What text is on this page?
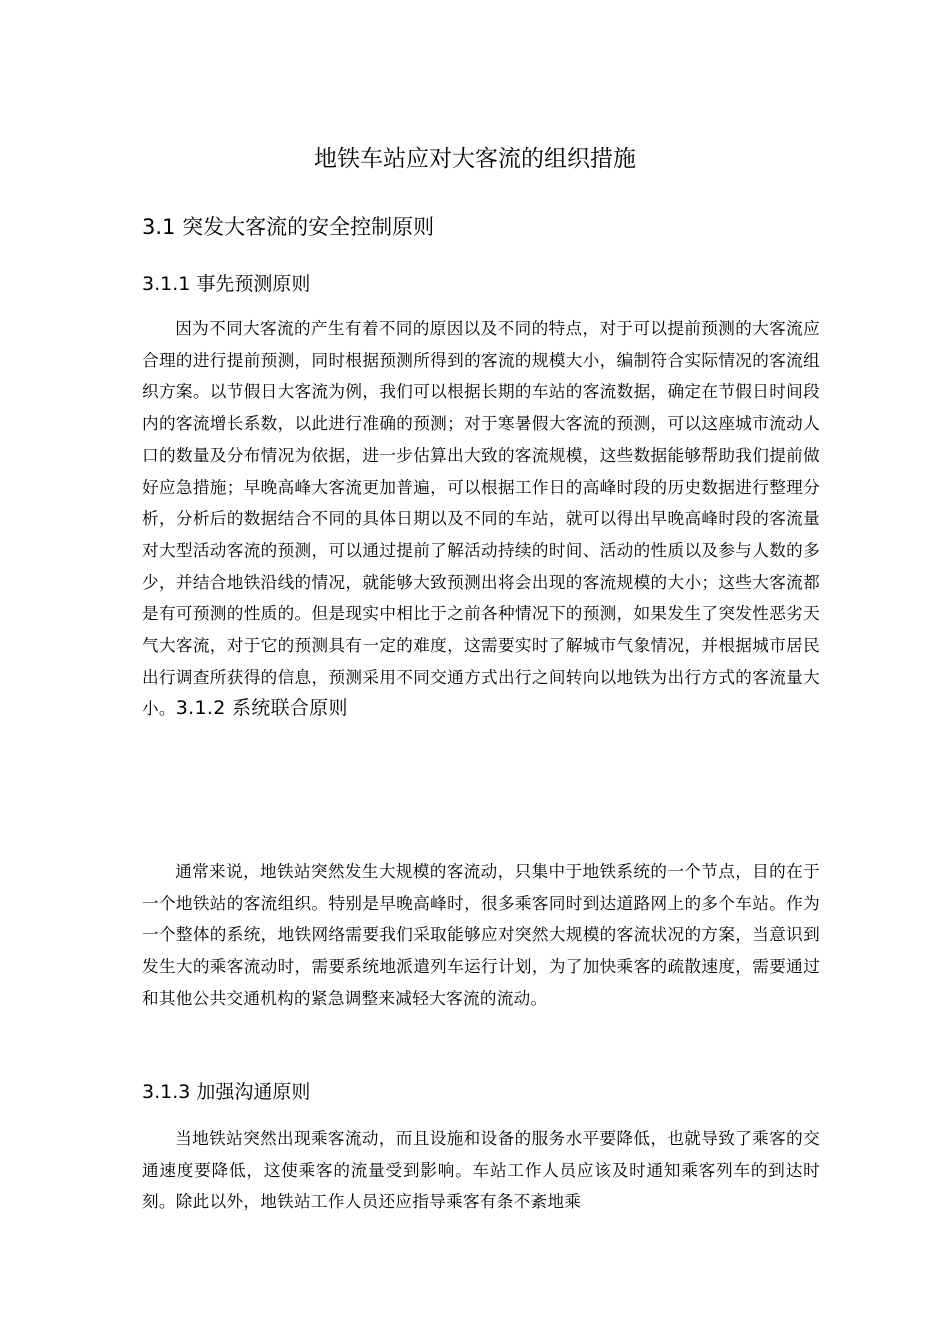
地铁车站应对大客流的组织措施
3.1 突发大客流的安全控制原则
3.1.1 事先预测原则

因为不同大客流的产生有着不同的原因以及不同的特点，对于可以提前预测的大客流应合理的进行提前预测，同时根据预测所得到的客流的规模大小，编制符合实际情况的客流组织方案。以节假日大客流为例，我们可以根据长期的车站的客流数据，确定在节假日时间段内的客流增长系数，以此进行准确的预测；对于寒暑假大客流的预测，可以这座城市流动人口的数量及分布情况为依据，进一步估算出大致的客流规模，这些数据能够帮助我们提前做好应急措施；早晚高峰大客流更加普遍，可以根据工作日的高峰时段的历史数据进行整理分析，分析后的数据结合不同的具体日期以及不同的车站，就可以得出早晚高峰时段的客流量对大型活动客流的预测，可以通过提前了解活动持续的时间、活动的性质以及参与人数的多少，并结合地铁沿线的情况，就能够大致预测出将会出现的客流规模的大小；这些大客流都是有可预测的性质的。但是现实中相比于之前各种情况下的预测，如果发生了突发性恶劣天气大客流，对于它的预测具有一定的难度，这需要实时了解城市气象情况，并根据城市居民出行调查所获得的信息，预测采用不同交通方式出行之间转向以地铁为出行方式的客流量大小。3.1.2 系统联合原则

通常来说，地铁站突然发生大规模的客流动，只集中于地铁系统的一个节点，目的在于一个地铁站的客流组织。特别是早晚高峰时，很多乘客同时到达道路网上的多个车站。作为一个整体的系统，地铁网络需要我们采取能够应对突然大规模的客流状况的方案，当意识到发生大的乘客流动时，需要系统地派遣列车运行计划，为了加快乘客的疏散速度，需要通过和其他公共交通机构的紧急调整来减轻大客流的流动。

3.1.3 加强沟通原则

当地铁站突然出现乘客流动，而且设施和设备的服务水平要降低，也就导致了乘客的交通速度要降低，这使乘客的流量受到影响。车站工作人员应该及时通知乘客列车的到达时刻。除此以外，地铁站工作人员还应指导乘客有条不紊地乘
